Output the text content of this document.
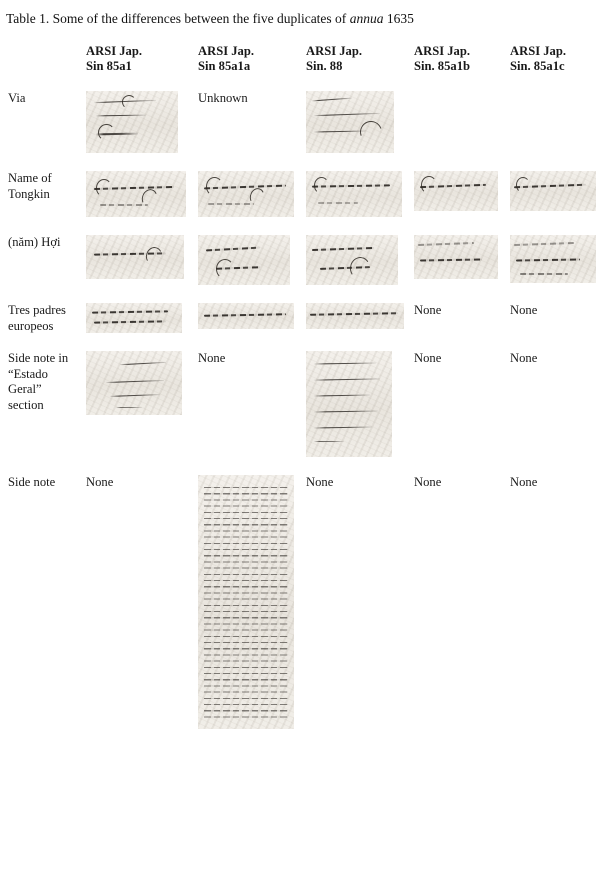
Table 1. Some of the differences between the five duplicates of annua 1635

	ARSI Jap.
Sin 85a1	ARSI Jap.
Sin 85a1a	ARSI Jap.
Sin. 88	ARSI Jap.
Sin. 85a1b	ARSI Jap.
Sin. 85a1c

Via		Unknown	

Name of Tongkin	

(năm) Hợi	

Tres padres europeos				None	None
Side note in “Estado Geral” section		None		None	None
Side note	None		None	None	None
